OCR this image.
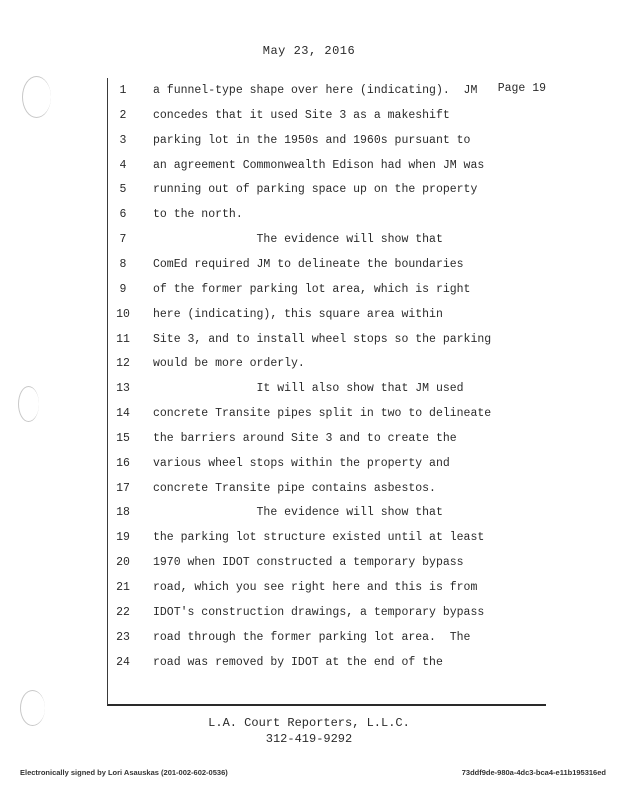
May 23, 2016
Page 19
1	a funnel-type shape over here (indicating).  JM
2	concedes that it used Site 3 as a makeshift
3	parking lot in the 1950s and 1960s pursuant to
4	an agreement Commonwealth Edison had when JM was
5	running out of parking space up on the property
6	to the north.
7	The evidence will show that
8	ComEd required JM to delineate the boundaries
9	of the former parking lot area, which is right
10	here (indicating), this square area within
11	Site 3, and to install wheel stops so the parking
12	would be more orderly.
13	It will also show that JM used
14	concrete Transite pipes split in two to delineate
15	the barriers around Site 3 and to create the
16	various wheel stops within the property and
17	concrete Transite pipe contains asbestos.
18	The evidence will show that
19	the parking lot structure existed until at least
20	1970 when IDOT constructed a temporary bypass
21	road, which you see right here and this is from
22	IDOT's construction drawings, a temporary bypass
23	road through the former parking lot area.  The
24	road was removed by IDOT at the end of the
L.A. Court Reporters, L.L.C.
312-419-9292
Electronically signed by Lori Asauskas (201-002-602-0536)	73ddf9de-980a-4dc3-bca4-e11b195316ed
